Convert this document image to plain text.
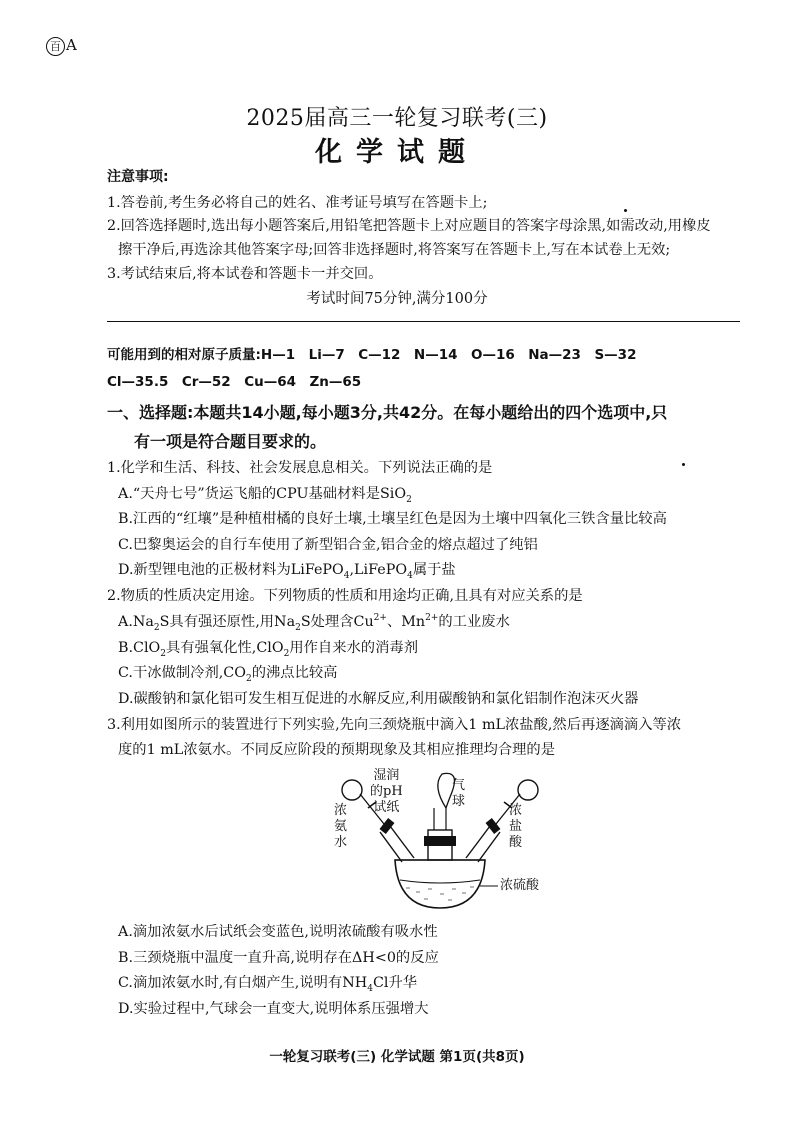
百 A
2025届高三一轮复习联考(三)
化学试题
注意事项:
1.答卷前,考生务必将自己的姓名、准考证号填写在答题卡上;
2.回答选择题时,选出每小题答案后,用铅笔把答题卡上对应题目的答案字母涂黑,如需改动,用橡皮
擦干净后,再选涂其他答案字母;回答非选择题时,将答案写在答题卡上,写在本试卷上无效;
3.考试结束后,将本试卷和答题卡一并交回。
考试时间75分钟,满分100分
可能用到的相对原子质量:H—1　Li—7　C—12　N—14　O—16　Na—23　S—32
Cl—35.5　Cr—52　Cu—64　Zn—65
一、选择题:本题共14小题,每小题3分,共42分。在每小题给出的四个选项中,只
有一项是符合题目要求的。
1.化学和生活、科技、社会发展息息相关。下列说法正确的是
A.“天舟七号”货运飞船的CPU基础材料是SiO$_2$
B.江西的“红壤”是种植柑橘的良好土壤,土壤呈红色是因为土壤中四氧化三铁含量比较高
C.巴黎奥运会的自行车使用了新型铝合金,铝合金的熔点超过了纯铝
D.新型锂电池的正极材料为LiFePO$_4$,LiFePO$_4$属于盐
2.物质的性质决定用途。下列物质的性质和用途均正确,且具有对应关系的是
$A.Na_2S$具有强还原性,用$Na_2S$处理含$Cu^{2+}$、$Mn^{2+}$的工业废水
B.ClO$_2$具有强氧化性,ClO$_2$用作自来水的消毒剂
C.干冰做制冷剂$,CO_2$的沸点比较高
D.碳酸钠和氯化铝可发生相互促进的水解反应,利用碳酸钠和氯化铝制作泡沫灭火器
3.利用如图所示的装置进行下列实验,先向三颈烧瓶中滴入1 mL浓盐酸,然后再逐滴滴入等浓
度的1 mL浓氨水。不同反应阶段的预期现象及其相应推理均合理的是
湿润
的pH
试纸
气
球
浓
氨
水
浓
盐
酸
浓硫酸
A.滴加浓氨水后试纸会变蓝色,说明浓硫酸有吸水性
B.三颈烧瓶中温度一直升高,说明存在ΔH<0的反应
C.滴加浓氨水时,有白烟产生,说明有$NH_4Cl$升华
D.实验过程中,气球会一直变大,说明体系压强增大
一轮复习联考(三) 化学试题 第1页(共8页)
